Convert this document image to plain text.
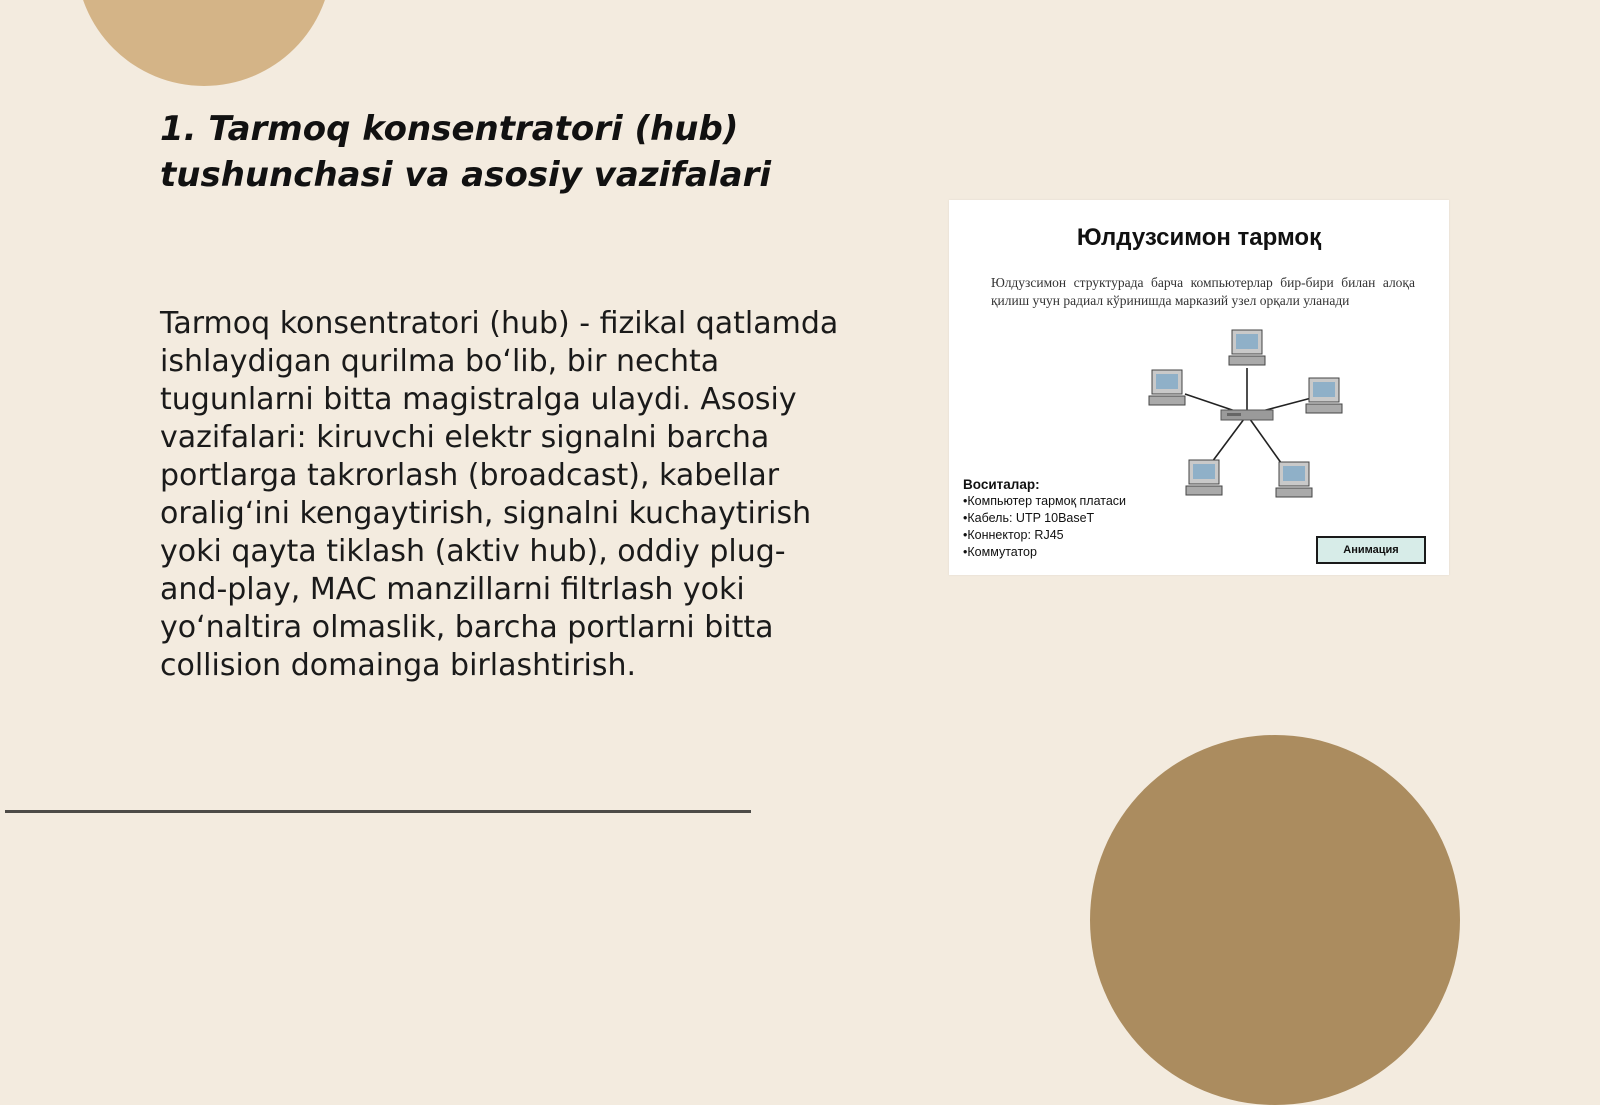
1. Tarmoq konsentratori (hub)
tushunchasi va asosiy vazifalari

Tarmoq konsentratori (hub) - fizikal qatlamda ishlaydigan qurilma bo‘lib, bir nechta tugunlarni bitta magistralga ulaydi. Asosiy vazifalari: kiruvchi elektr signalni barcha portlarga takrorlash (broadcast), kabellar oralig‘ini kengaytirish, signalni kuchaytirish yoki qayta tiklash (aktiv hub), oddiy plug-and-play, MAC manzillarni filtrlash yoki yo‘naltira olmaslik, barcha portlarni bitta collision domainga birlashtirish.

Юлдузсимон тармоқ
Юлдузсимон структурада барча компьютерлар бир-бири билан алоқа қилиш учун радиал кўринишда марказий узел орқали уланади
Воситалар:
•Компьютер тармоқ платаси
•Кабель: UTP 10BaseT
•Коннектор: RJ45
•Коммутатор	Анимация
